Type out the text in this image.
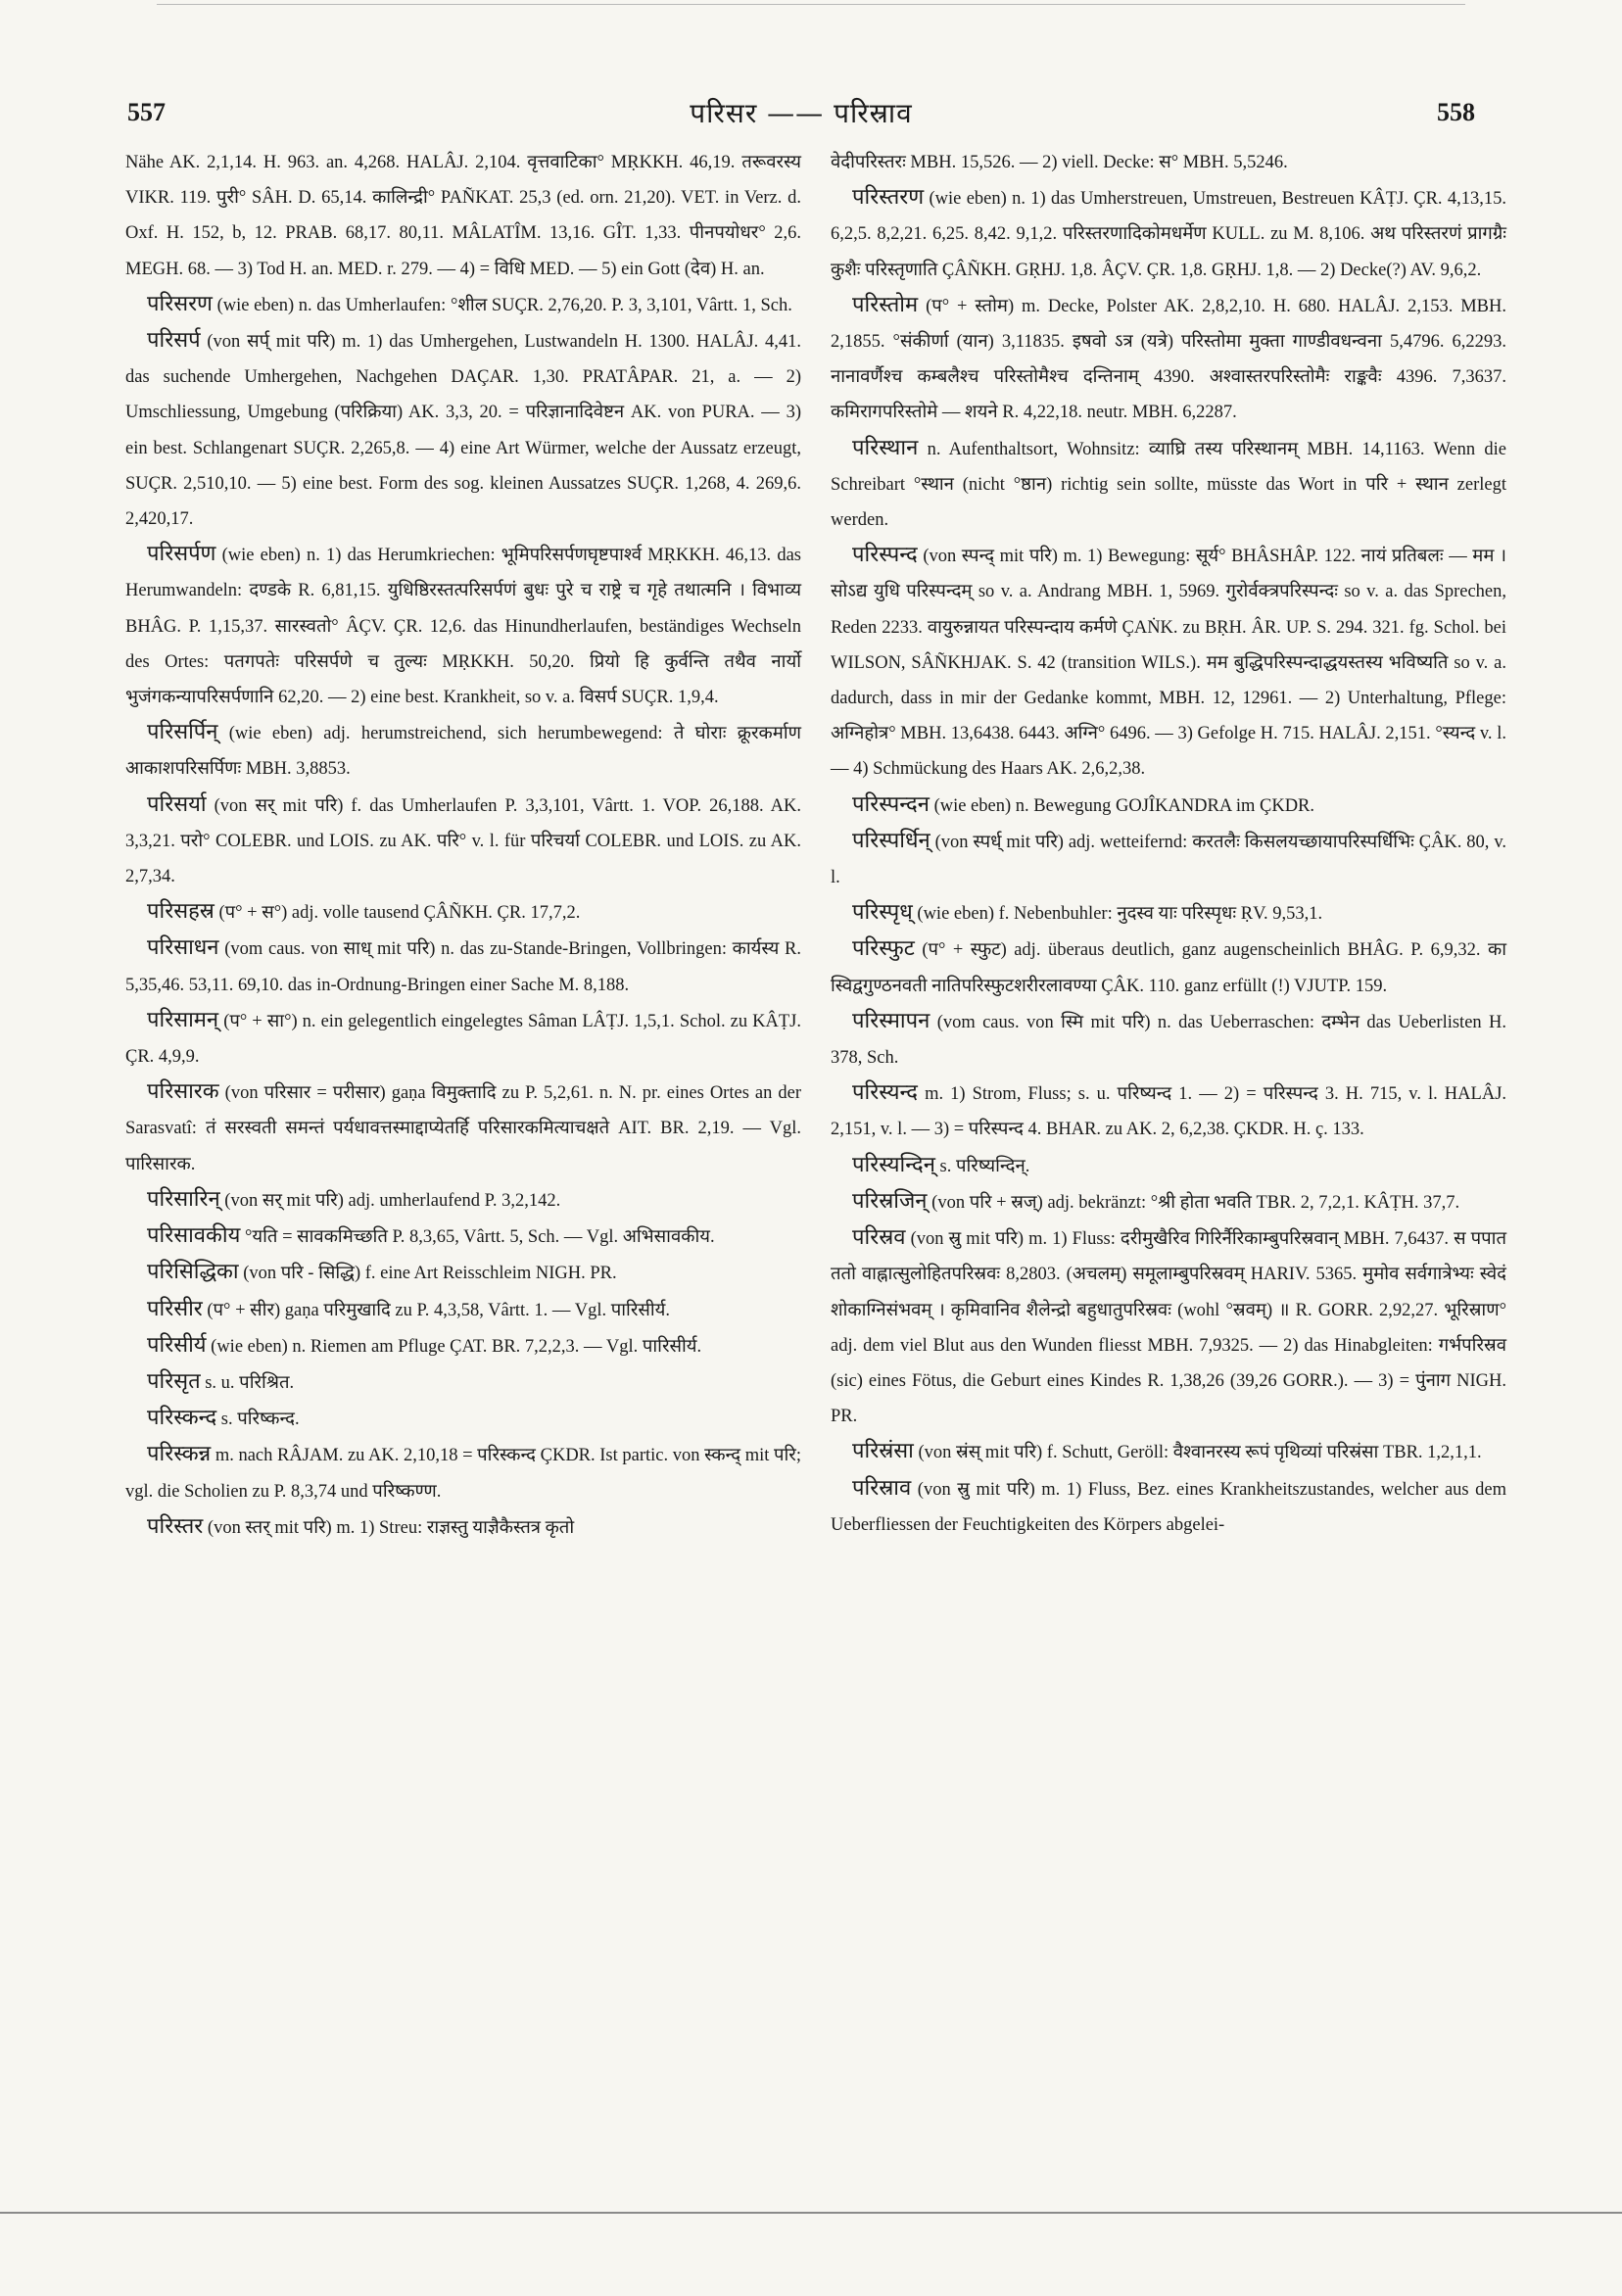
557	परिसर —— परिस्राव	558

Nähe AK. 2,1,14. H. 963. an. 4,268. HALÂJ. 2,104. वृत्तवाटिका° MṚKKH. 46,19. तरूवरस्य VIKR. 119. पुरी° SÂH. D. 65,14. कालिन्द्री° PAÑKAT. 25,3 (ed. orn. 21,20). VET. in Verz. d. Oxf. H. 152, b, 12. PRAB. 68,17. 80,11. MÂLATÎM. 13,16. GÎT. 1,33. पीनपयोधर° 2,6. MEGH. 68. — 3) Tod H. an. MED. r. 279. — 4) = विधि MED. — 5) ein Gott (देव) H. an.

परिसरण (wie eben) n. das Umherlaufen: °शील SUÇR. 2,76,20. P. 3, 3,101, Vârtt. 1, Sch.

परिसर्प (von सर्प् mit परि) m. 1) das Umhergehen, Lustwandeln H. 1300. HALÂJ. 4,41. das suchende Umhergehen, Nachgehen DAÇAR. 1,30. PRATÂPAR. 21, a. — 2) Umschliessung, Umgebung (परिक्रिया) AK. 3,3, 20. = परिज्ञानादिवेष्टन AK. von PURA. — 3) ein best. Schlangenart SUÇR. 2,265,8. — 4) eine Art Würmer, welche der Aussatz erzeugt, SUÇR. 2,510,10. — 5) eine best. Form des sog. kleinen Aussatzes SUÇR. 1,268, 4. 269,6. 2,420,17.

परिसर्पण (wie eben) n. 1) das Herumkriechen: भूमिपरिसर्पणघृष्टपार्श्व MṚKKH. 46,13. das Herumwandeln: दण्डके R. 6,81,15. युधिष्ठिरस्तत्परिसर्पणं बुधः पुरे च राष्ट्रे च गृहे तथात्मनि । विभाव्य BHÂG. P. 1,15,37. सारस्वतो° ÂÇV. ÇR. 12,6. das Hinundherlaufen, beständiges Wechseln des Ortes: पतगपतेः परिसर्पणे च तुल्यः MṚKKH. 50,20. प्रियो हि कुर्वन्ति तथैव नार्यो भुजंगकन्यापरिसर्पणानि 62,20. — 2) eine best. Krankheit, so v. a. विसर्प SUÇR. 1,9,4.

परिसर्पिन् (wie eben) adj. herumstreichend, sich herumbewegend: ते घोराः क्रूरकर्माण आकाशपरिसर्पिणः MBH. 3,8853.

परिसर्या (von सर् mit परि) f. das Umherlaufen P. 3,3,101, Vârtt. 1. VOP. 26,188. AK. 3,3,21. परो° COLEBR. und LOIS. zu AK. परि° v. l. für परिचर्या COLEBR. und LOIS. zu AK. 2,7,34.

परिसहस्र (प° + स°) adj. volle tausend ÇÂÑKH. ÇR. 17,7,2.

परिसाधन (vom caus. von साध् mit परि) n. das zu-Stande-Bringen, Vollbringen: कार्यस्य R. 5,35,46. 53,11. 69,10. das in-Ordnung-Bringen einer Sache M. 8,188.

परिसामन् (प° + सा°) n. ein gelegentlich eingelegtes Sâman LÂṬJ. 1,5,1. Schol. zu KÂṬJ. ÇR. 4,9,9.

परिसारक (von परिसार = परीसार) gaṇa विमुक्तादि zu P. 5,2,61. n. N. pr. eines Ortes an der Sarasvatî: तं सरस्वती समन्तं पर्यधावत्तस्माद्दाप्येतर्हि परिसारकमित्याचक्षते AIT. BR. 2,19. — Vgl. पारिसारक.

परिसारिन् (von सर् mit परि) adj. umherlaufend P. 3,2,142.

परिसावकीय °यति = सावकमिच्छति P. 8,3,65, Vârtt. 5, Sch. — Vgl. अभिसावकीय.

परिसिद्धिका (von परि - सिद्धि) f. eine Art Reisschleim NIGH. PR.

परिसीर (प° + सीर) gaṇa परिमुखादि zu P. 4,3,58, Vârtt. 1. — Vgl. पारिसीर्य.

परिसीर्य (wie eben) n. Riemen am Pfluge ÇAT. BR. 7,2,2,3. — Vgl. पारिसीर्य.

परिसृत s. u. परिश्रित.

परिस्कन्द s. परिष्कन्द.

परिस्कन्न m. nach RÂJAM. zu AK. 2,10,18 = परिस्कन्द ÇKDR. Ist partic. von स्कन्द् mit परि; vgl. die Scholien zu P. 8,3,74 und परिष्कण्ण.

परिस्तर (von स्तर् mit परि) m. 1) Streu: राज्ञस्तु याज्ञैकैस्तत्र कृतो

वेदीपरिस्तरः MBH. 15,526. — 2) viell. Decke: स° MBH. 5,5246.

परिस्तरण (wie eben) n. 1) das Umherstreuen, Umstreuen, Bestreuen KÂṬJ. ÇR. 4,13,15. 6,2,5. 8,2,21. 6,25. 8,42. 9,1,2. परिस्तरणादिकोमधर्मेण KULL. zu M. 8,106. अथ परिस्तरणं प्रागग्रैः कुशैः परिस्तृणाति ÇÂÑKH. GṚHJ. 1,8. ÂÇV. ÇR. 1,8. GṚHJ. 1,8. — 2) Decke(?) AV. 9,6,2.

परिस्तोम (प° + स्तोम) m. Decke, Polster AK. 2,8,2,10. H. 680. HALÂJ. 2,153. MBH. 2,1855. °संकीर्णा (यान) 3,11835. इषवो ऽत्र (यत्रे) परिस्तोमा मुक्ता गाण्डीवधन्वना 5,4796. 6,2293. नानावर्णैश्च कम्बलैश्च परिस्तोमैश्च दन्तिनाम् 4390. अश्वास्तरपरिस्तोमैः राङ्कवैः 4396. 7,3637. कमिरागपरिस्तोमे — शयने R. 4,22,18. neutr. MBH. 6,2287.

परिस्थान n. Aufenthaltsort, Wohnsitz: व्याघ्रि तस्य परिस्थानम् MBH. 14,1163. Wenn die Schreibart °स्थान (nicht °ष्ठान) richtig sein sollte, müsste das Wort in परि + स्थान zerlegt werden.

परिस्पन्द (von स्पन्द् mit परि) m. 1) Bewegung: सूर्य° BHÂSHÂP. 122. नायं प्रतिबलः — मम । सोऽद्य युधि परिस्पन्दम् so v. a. Andrang MBH. 1, 5969. गुरोर्वक्त्रपरिस्पन्दः so v. a. das Sprechen, Reden 2233. वायुरुन्नायत परिस्पन्दाय कर्मणे ÇAṄK. zu BṚH. ÂR. UP. S. 294. 321. fg. Schol. bei WILSON, SÂÑKHJAK. S. 42 (transition WILS.). मम बुद्धिपरिस्पन्दाद्धयस्तस्य भविष्यति so v. a. dadurch, dass in mir der Gedanke kommt, MBH. 12, 12961. — 2) Unterhaltung, Pflege: अग्निहोत्र° MBH. 13,6438. 6443. अग्नि° 6496. — 3) Gefolge H. 715. HALÂJ. 2,151. °स्यन्द v. l. — 4) Schmückung des Haars AK. 2,6,2,38.

परिस्पन्दन (wie eben) n. Bewegung GOJÎKANDRA im ÇKDR.

परिस्पर्धिन् (von स्पर्ध् mit परि) adj. wetteifernd: करतलैः किसलयच्छायापरिस्पर्धिभिः ÇÂK. 80, v. l.

परिस्पृध् (wie eben) f. Nebenbuhler: नुदस्व याः परिस्पृधः ṚV. 9,53,1.

परिस्फुट (प° + स्फुट) adj. überaus deutlich, ganz augenscheinlich BHÂG. P. 6,9,32. का स्विद्वगुण्ठनवती नातिपरिस्फुटशरीरलावण्या ÇÂK. 110. ganz erfüllt (!) VJUTP. 159.

परिस्मापन (vom caus. von स्मि mit परि) n. das Ueberraschen: दम्भेन das Ueberlisten H. 378, Sch.

परिस्यन्द m. 1) Strom, Fluss; s. u. परिष्यन्द 1. — 2) = परिस्पन्द 3. H. 715, v. l. HALÂJ. 2,151, v. l. — 3) = परिस्पन्द 4. BHAR. zu AK. 2, 6,2,38. ÇKDR. H. ç. 133.

परिस्यन्दिन् s. परिष्यन्दिन्.

परिस्रजिन् (von परि + स्रज्) adj. bekränzt: °श्री होता भवति TBR. 2, 7,2,1. KÂṬH. 37,7.

परिस्रव (von स्रु mit परि) m. 1) Fluss: दरीमुखैरिव गिरिर्नैरिकाम्बुपरिस्रवान् MBH. 7,6437. स पपात ततो वाह्नात्सुलोहितपरिस्रवः 8,2803. (अचलम्) समूलाम्बुपरिस्रवम् HARIV. 5365. मुमोव सर्वगात्रेभ्यः स्वेदं शोकाग्निसंभवम् । कृमिवानिव शैलेन्द्रो बहुधातुपरिस्रवः (wohl °स्रवम्) ॥ R. GORR. 2,92,27. भूरिस्राण° adj. dem viel Blut aus den Wunden fliesst MBH. 7,9325. — 2) das Hinabgleiten: गर्भपरिस्रव (sic) eines Fötus, die Geburt eines Kindes R. 1,38,26 (39,26 GORR.). — 3) = पुंनाग NIGH. PR.

परिस्रंसा (von स्रंस् mit परि) f. Schutt, Geröll: वैश्वानरस्य रूपं पृथिव्यां परिस्रंसा TBR. 1,2,1,1.

परिस्राव (von स्रु mit परि) m. 1) Fluss, Bez. eines Krankheitszustandes, welcher aus dem Ueberfliessen der Feuchtigkeiten des Körpers abgelei-
